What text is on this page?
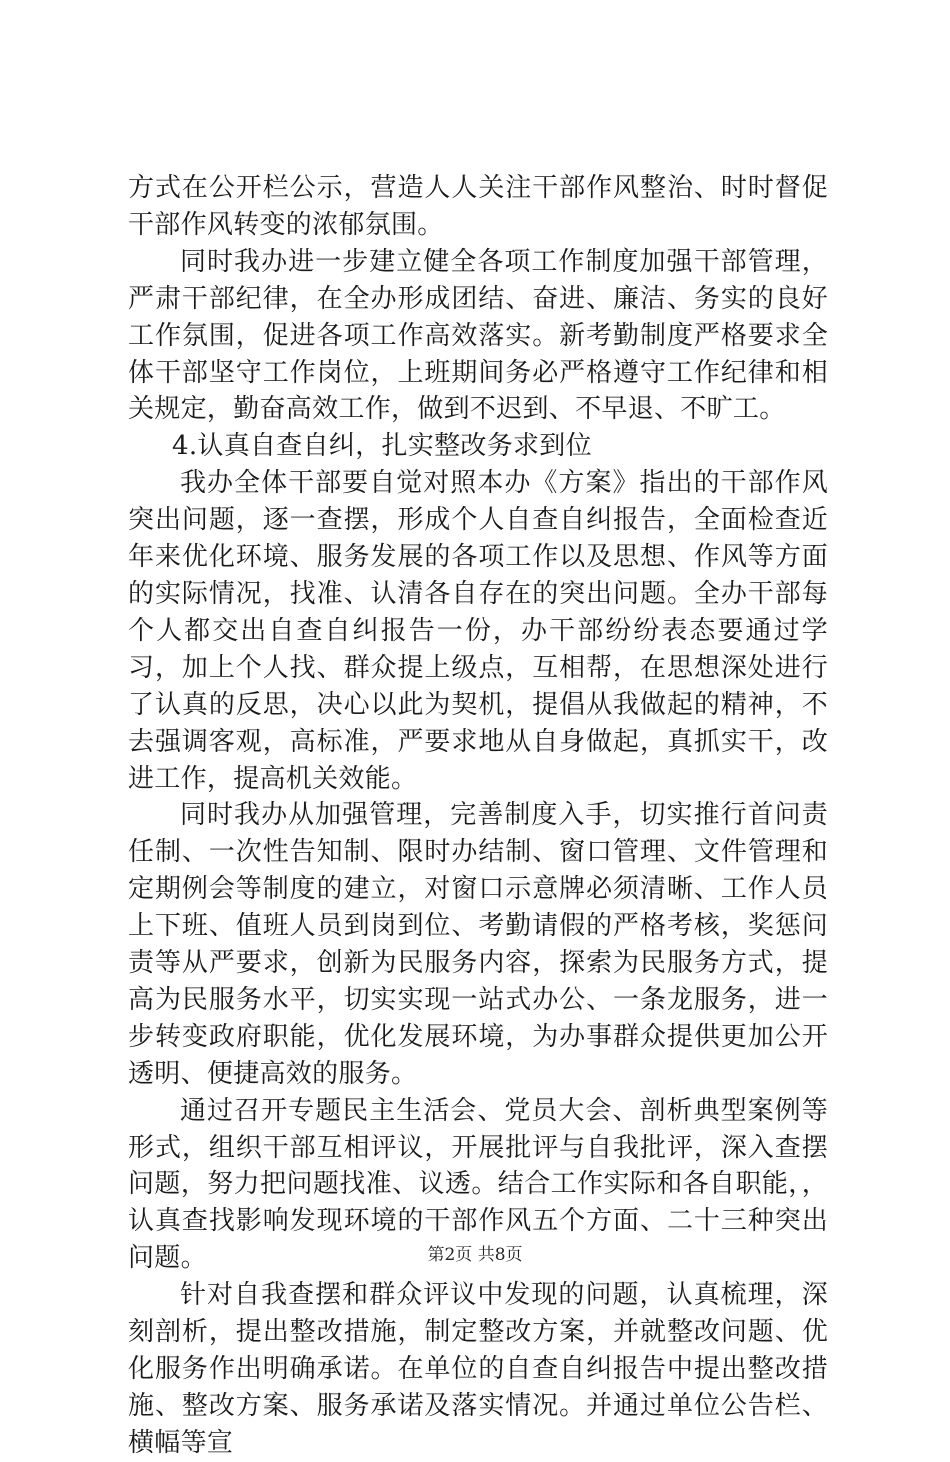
方式在公开栏公示，营造人人关注干部作风整治、时时督促干部作风转变的浓郁氛围。

同时我办进一步建立健全各项工作制度加强干部管理，严肃干部纪律，在全办形成团结、奋进、廉洁、务实的良好工作氛围，促进各项工作高效落实。新考勤制度严格要求全体干部坚守工作岗位，上班期间务必严格遵守工作纪律和相关规定，勤奋高效工作，做到不迟到、不早退、不旷工。

4.认真自查自纠，扎实整改务求到位

我办全体干部要自觉对照本办《方案》指出的干部作风突出问题，逐一查摆，形成个人自查自纠报告，全面检查近年来优化环境、服务发展的各项工作以及思想、作风等方面的实际情况，找准、认清各自存在的突出问题。全办干部每个人都交出自查自纠报告一份，办干部纷纷表态要通过学习，加上个人找、群众提上级点，互相帮，在思想深处进行了认真的反思，决心以此为契机，提倡从我做起的精神，不去强调客观，高标准，严要求地从自身做起，真抓实干，改进工作，提高机关效能。

同时我办从加强管理，完善制度入手，切实推行首问责任制、一次性告知制、限时办结制、窗口管理、文件管理和定期例会等制度的建立，对窗口示意牌必须清晰、工作人员上下班、值班人员到岗到位、考勤请假的严格考核，奖惩问责等从严要求，创新为民服务内容，探索为民服务方式，提高为民服务水平，切实实现一站式办公、一条龙服务，进一步转变政府职能，优化发展环境，为办事群众提供更加公开透明、便捷高效的服务。

通过召开专题民主生活会、党员大会、剖析典型案例等形式，组织干部互相评议，开展批评与自我批评，深入查摆问题，努力把问题找准、议透。结合工作实际和各自职能，，认真查找影响发现环境的干部作风五个方面、二十三种突出问题。

针对自我查摆和群众评议中发现的问题，认真梳理，深刻剖析，提出整改措施，制定整改方案，并就整改问题、优化服务作出明确承诺。在单位的自查自纠报告中提出整改措施、整改方案、服务承诺及落实情况。并通过单位公告栏、横幅等宣

第2页 共8页
